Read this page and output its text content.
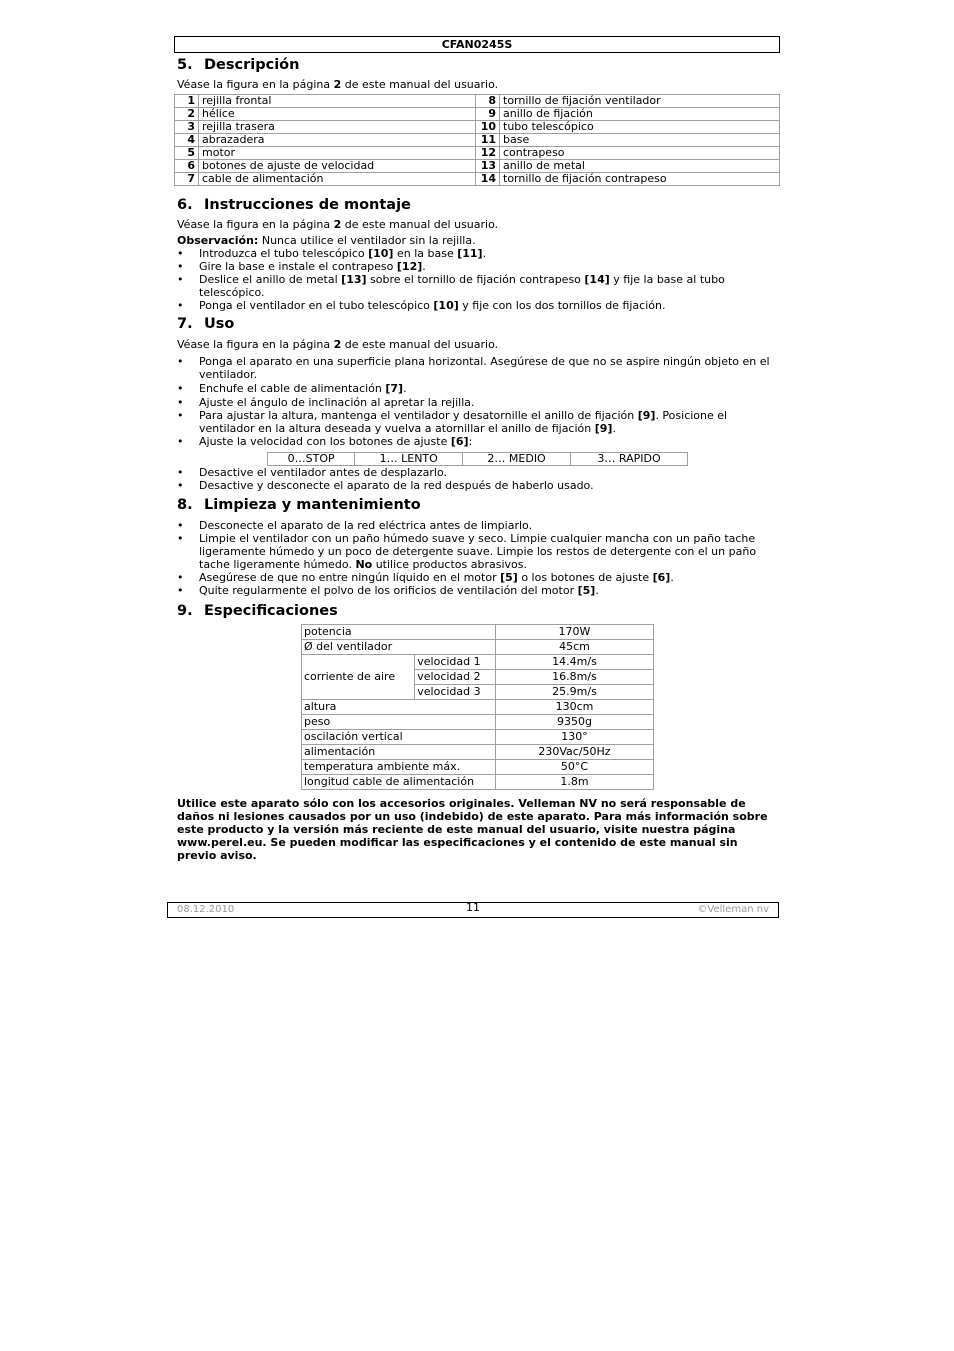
CFAN0245S
5. Descripción

Véase la figura en la página 2 de este manual del usuario.

1	rejilla frontal	8	tornillo de fijación ventilador
2	hélice	9	anillo de fijación
3	rejilla trasera	10	tubo telescópico
4	abrazadera	11	base
5	motor	12	contrapeso
6	botones de ajuste de velocidad	13	anillo de metal
7	cable de alimentación	14	tornillo de fijación contrapeso
6. Instrucciones de montaje

Véase la figura en la página 2 de este manual del usuario.

Observación: Nunca utilice el ventilador sin la rejilla.

• Introduzca el tubo telescópico [10] en la base [11].
• Gire la base e instale el contrapeso [12].
• Deslice el anillo de metal [13] sobre el tornillo de fijación contrapeso [14] y fije la base al tubo telescópico.
• Ponga el ventilador en el tubo telescópico [10] y fije con los dos tornillos de fijación.
7. Uso

Véase la figura en la página 2 de este manual del usuario.

• Ponga el aparato en una superficie plana horizontal. Asegúrese de que no se aspire ningún objeto en el ventilador.
• Enchufe el cable de alimentación [7].
• Ajuste el ángulo de inclinación al apretar la rejilla.
• Para ajustar la altura, mantenga el ventilador y desatornille el anillo de fijación [9]. Posicione el ventilador en la altura deseada y vuelva a atornillar el anillo de fijación [9].
• Ajuste la velocidad con los botones de ajuste [6]:
0…STOP	1… LENTO	2… MEDIO	3… RAPIDO
• Desactive el ventilador antes de desplazarlo.
• Desactive y desconecte el aparato de la red después de haberlo usado.
8. Limpieza y mantenimiento
• Desconecte el aparato de la red eléctrica antes de limpiarlo.
• Limpie el ventilador con un paño húmedo suave y seco. Limpie cualquier mancha con un paño tache ligeramente húmedo y un poco de detergente suave. Limpie los restos de detergente con el un paño tache ligeramente húmedo. No utilice productos abrasivos.
• Asegúrese de que no entre ningún líquido en el motor [5] o los botones de ajuste [6].
• Quite regularmente el polvo de los orificios de ventilación del motor [5].
9. Especificaciones
potencia		170W
Ø del ventilador		45cm
corriente de aire	velocidad 1	14.4m/s
	velocidad 2	16.8m/s
	velocidad 3	25.9m/s
altura		130cm
peso		9350g
oscilación vertical		130°
alimentación		230Vac/50Hz
temperatura ambiente máx.		50°C
longitud cable de alimentación		1.8m

Utilice este aparato sólo con los accesorios originales. Velleman NV no será responsable de daños ni lesiones causados por un uso (indebido) de este aparato. Para más información sobre este producto y la versión más reciente de este manual del usuario, visite nuestra página www.perel.eu. Se pueden modificar las especificaciones y el contenido de este manual sin previo aviso.

08.12.2010	11	©Velleman nv
